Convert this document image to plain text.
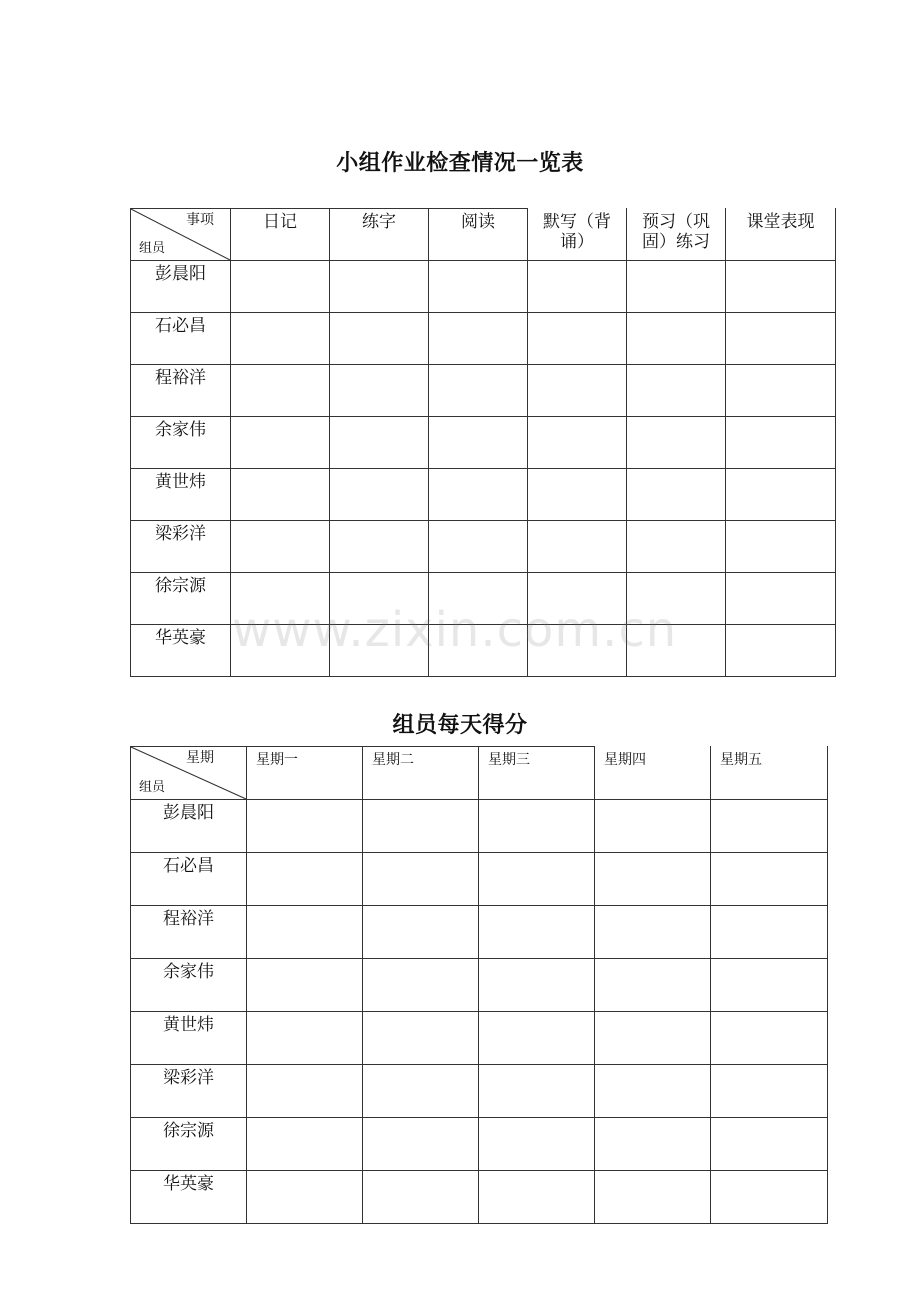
小组作业检查情况一览表
事项
组员	日记	练字	阅读	默写（背诵）	预习（巩固）练习	课堂表现
彭晨阳						
石必昌						
程裕洋						
余家伟						
黄世炜						
梁彩洋						
徐宗源						
华英豪						
组员每天得分
星期
组员	星期一	星期二	星期三	星期四	星期五
彭晨阳					
石必昌					
程裕洋					
余家伟					
黄世炜					
梁彩洋					
徐宗源					
华英豪					
www.zixin.com.cn
